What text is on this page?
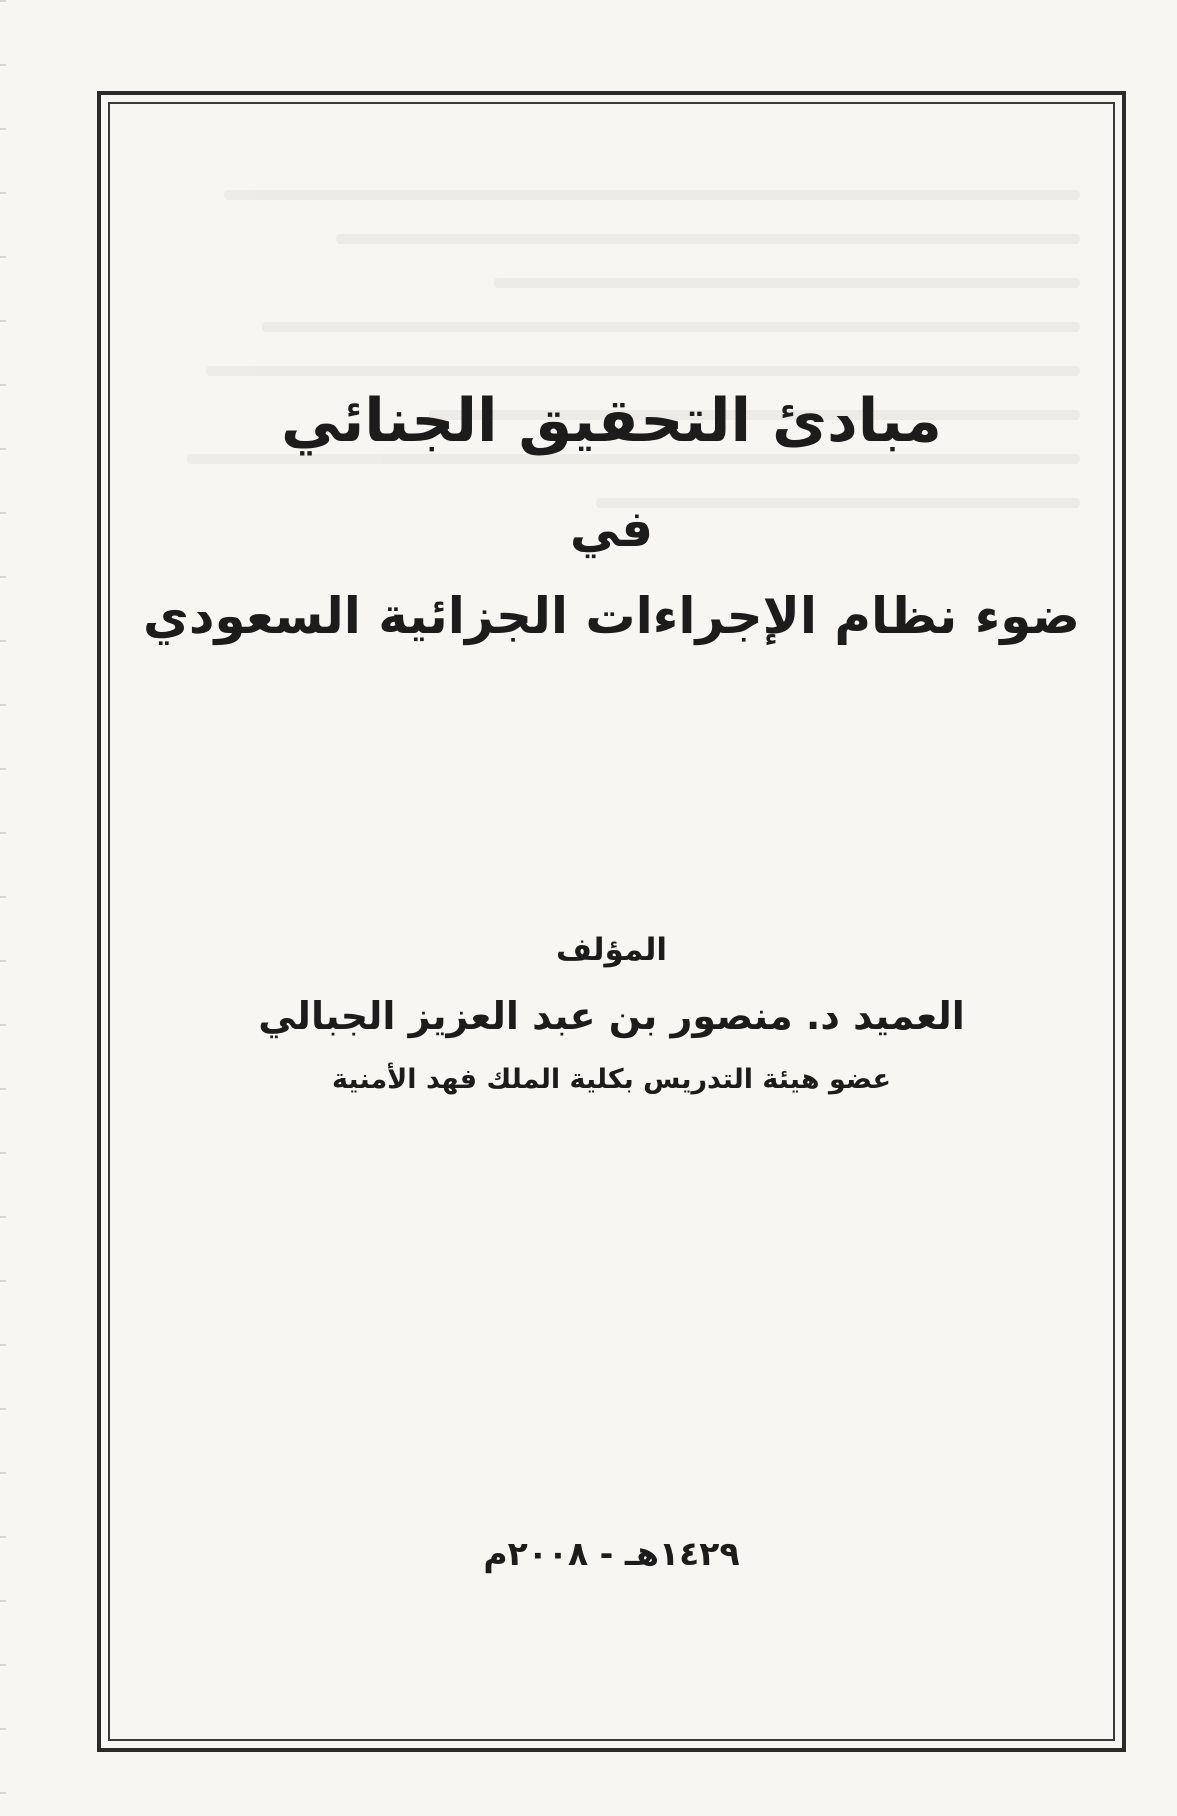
مبادئ التحقيق الجنائي
في
ضوء نظام الإجراءات الجزائية السعودي
المؤلف
العميد د. منصور بن عبد العزيز الجبالي
عضو هيئة التدريس بكلية الملك فهد الأمنية
١٤٢٩هـ - ٢٠٠٨م
